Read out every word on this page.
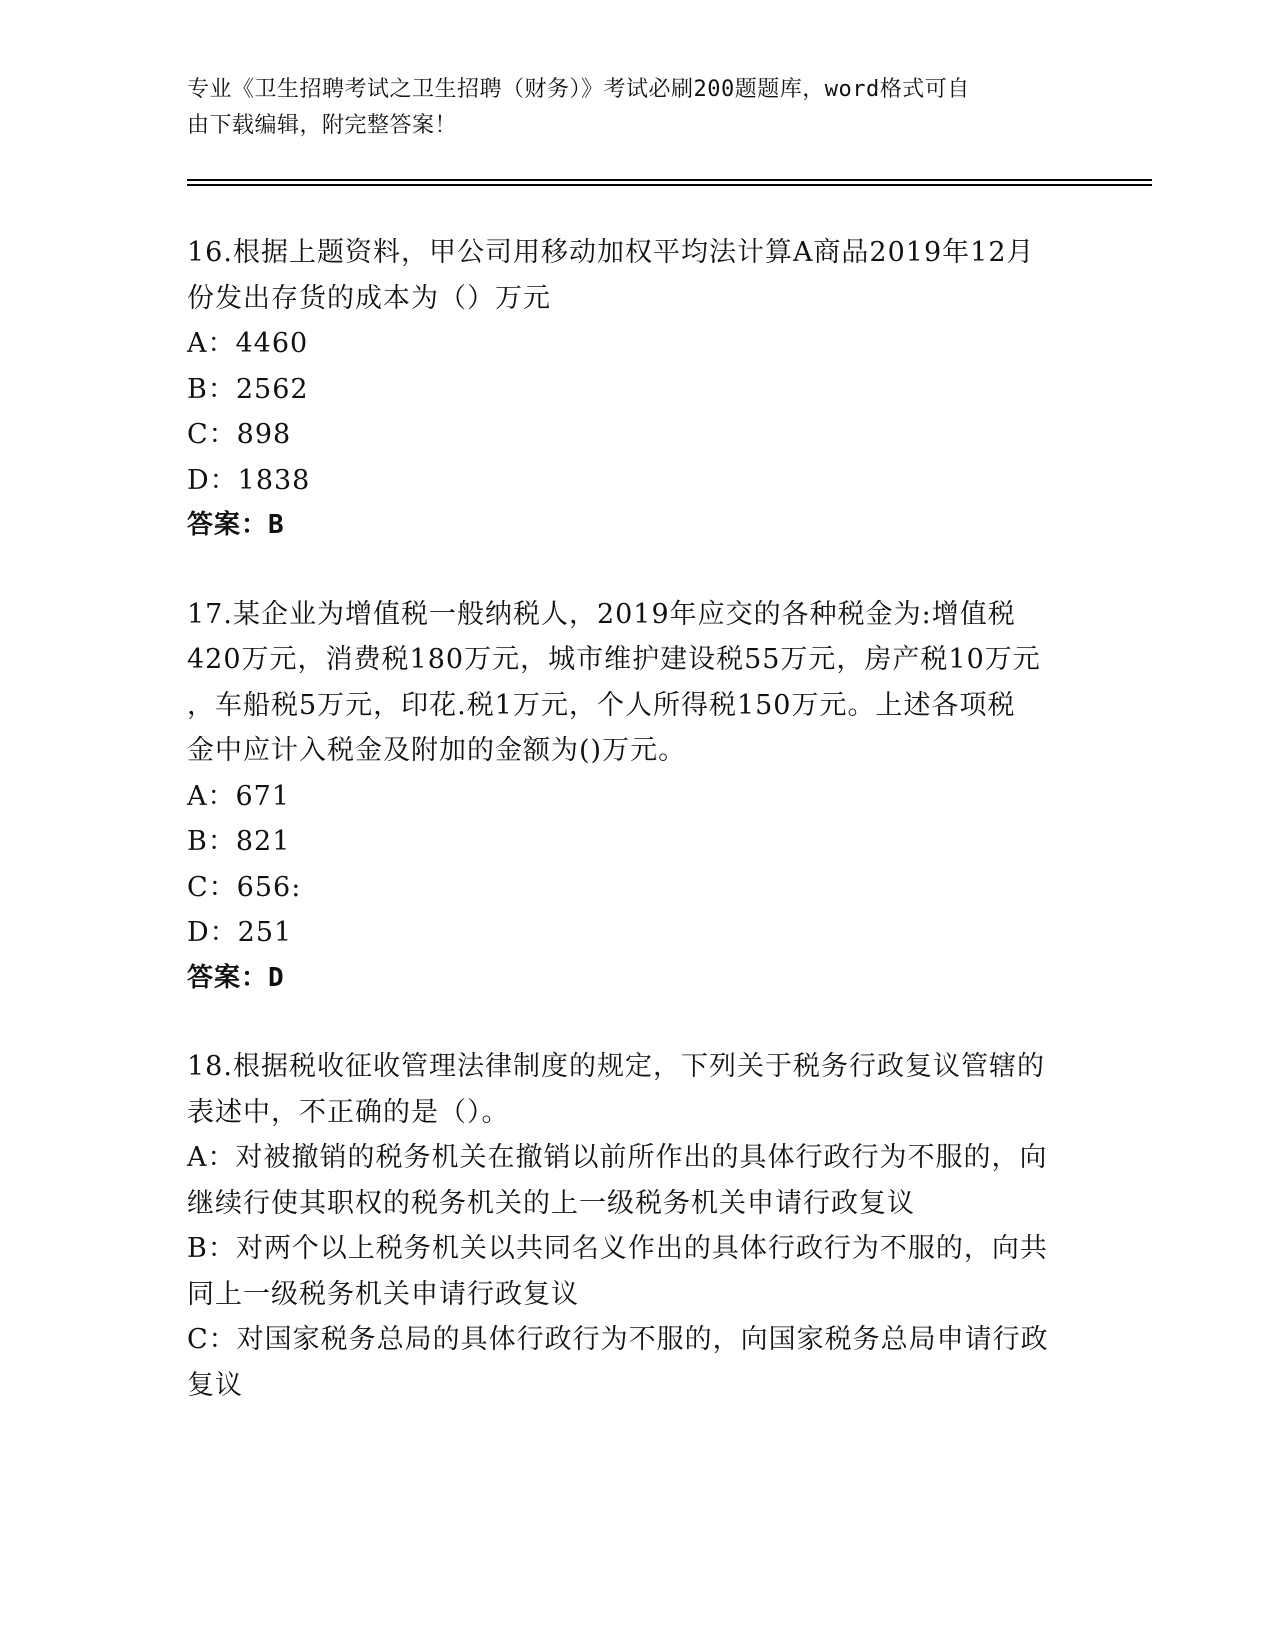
专业《卫生招聘考试之卫生招聘（财务）》考试必刷200题题库，word格式可自
由下载编辑，附完整答案！

16.根据上题资料，甲公司用移动加权平均法计算A商品2019年12月

份发出存货的成本为（）万元

A：4460

B：2562

C：898

D：1838

答案：B

17.某企业为增值税一般纳税人，2019年应交的各种税金为:增值税

420万元，消费税180万元，城市维护建设税55万元，房产税10万元

，车船税5万元，印花.税1万元，个人所得税150万元。上述各项税

金中应计入税金及附加的金额为()万元。

A：671

B：821

C：656:

D：251

答案：D

18.根据税收征收管理法律制度的规定，下列关于税务行政复议管辖的

表述中，不正确的是（）。

A：对被撤销的税务机关在撤销以前所作出的具体行政行为不服的，向

继续行使其职权的税务机关的上一级税务机关申请行政复议

B：对两个以上税务机关以共同名义作出的具体行政行为不服的，向共

同上一级税务机关申请行政复议

C：对国家税务总局的具体行政行为不服的，向国家税务总局申请行政

复议
